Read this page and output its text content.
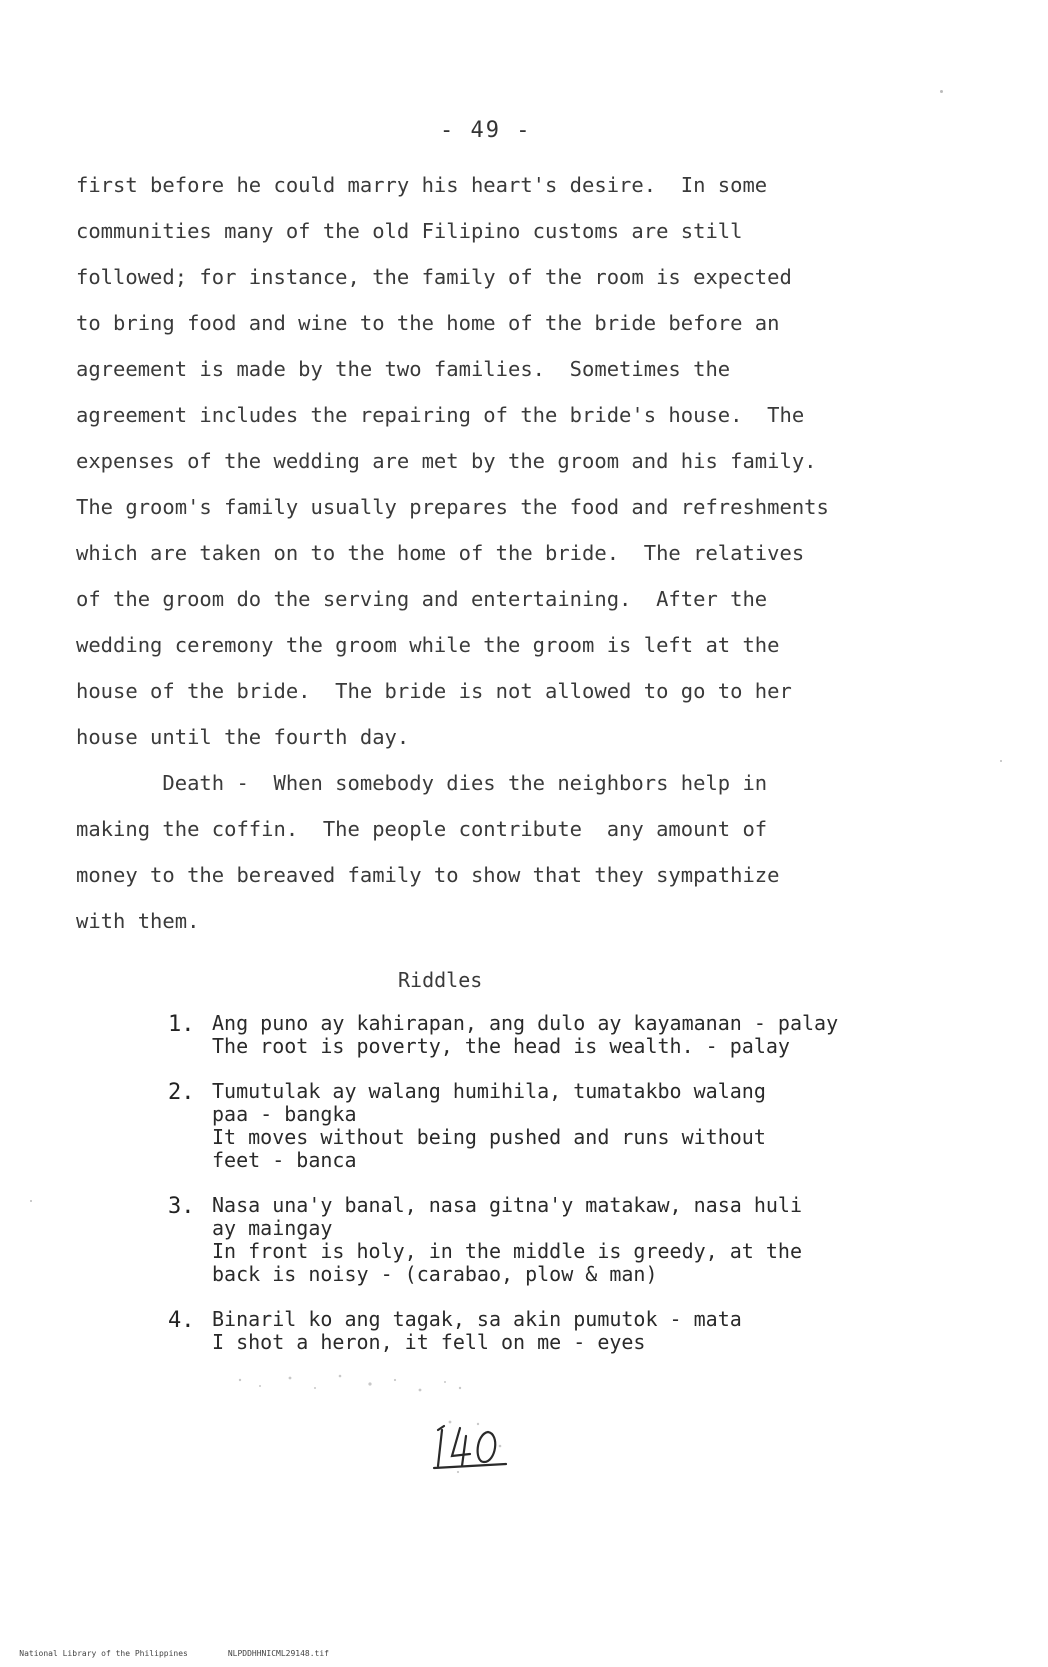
- 49 -
first before he could marry his heart's desire.  In some
communities many of the old Filipino customs are still
followed; for instance, the family of the room is expected
to bring food and wine to the home of the bride before an
agreement is made by the two families.  Sometimes the
agreement includes the repairing of the bride's house.  The
expenses of the wedding are met by the groom and his family.
The groom's family usually prepares the food and refreshments
which are taken on to the home of the bride.  The relatives
of the groom do the serving and entertaining.  After the
wedding ceremony the groom while the groom is left at the
house of the bride.  The bride is not allowed to go to her
house until the fourth day.
Death -  When somebody dies the neighbors help in
making the coffin.  The people contribute  any amount of
money to the bereaved family to show that they sympathize
with them.
Riddles
1. Ang puno ay kahirapan, ang dulo ay kayamanan - palay
The root is poverty, the head is wealth. - palay
2. Tumutulak ay walang humihila, tumatakbo walang
paa - bangka
It moves without being pushed and runs without
feet - banca
3. Nasa una'y banal, nasa gitna'y matakaw, nasa huli
ay maingay
In front is holy, in the middle is greedy, at the
back is noisy - (carabao, plow & man)
4. Binaril ko ang tagak, sa akin pumutok - mata
I shot a heron, it fell on me - eyes

National Library of the Philippines	NLPDDHHNICML29148.tif
